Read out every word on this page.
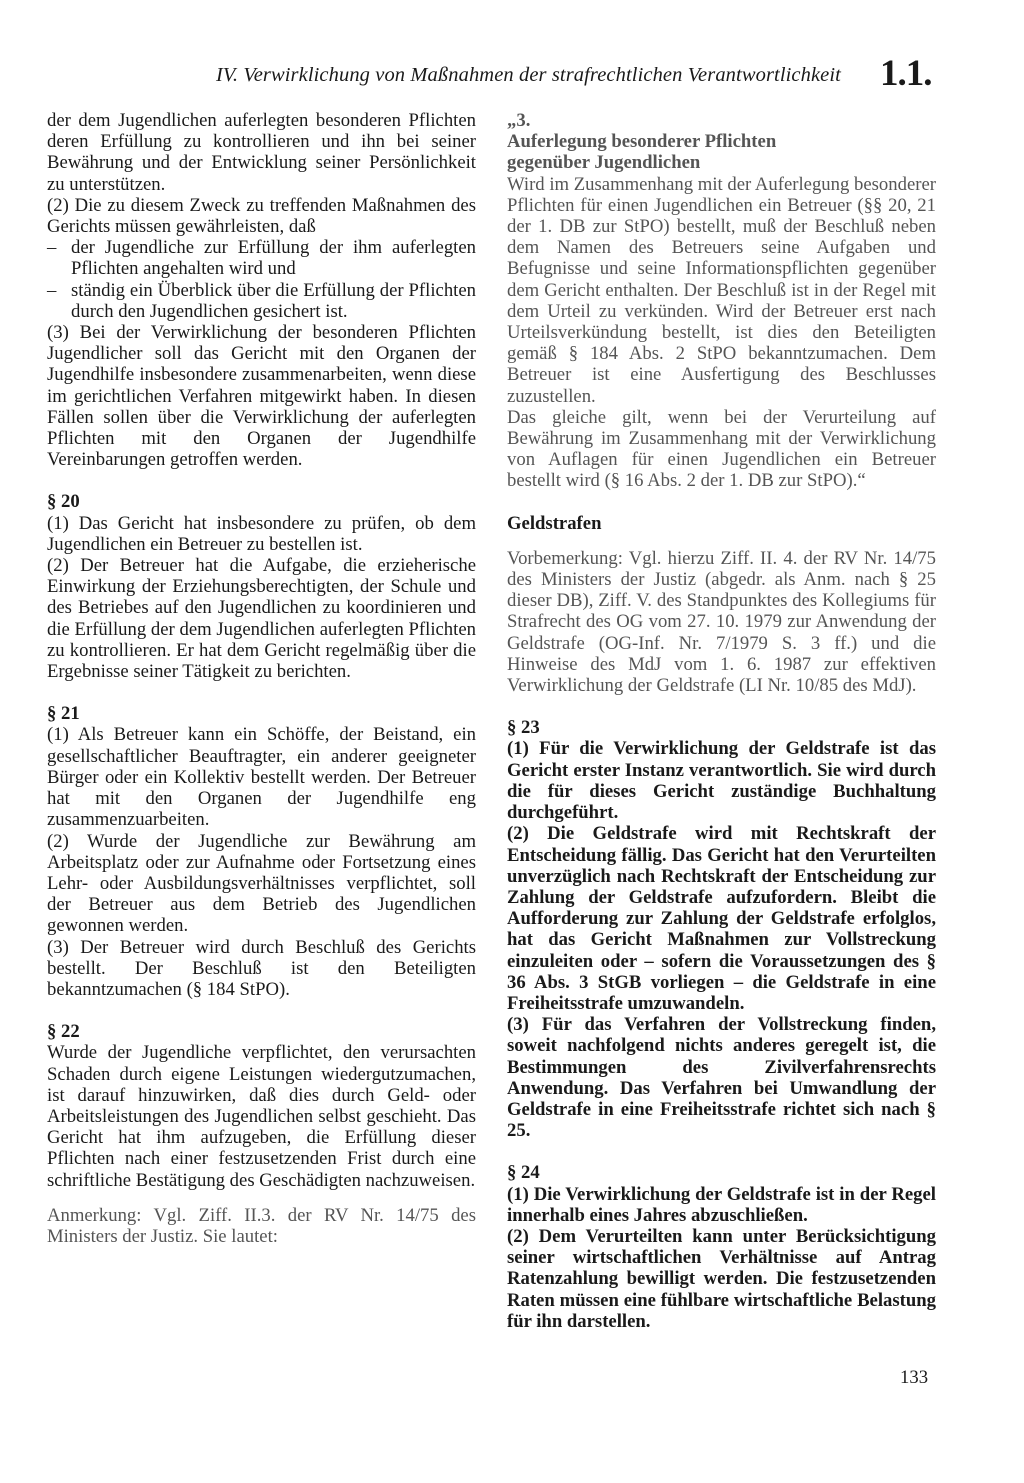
IV. Verwirklichung von Maßnahmen der strafrechtlichen Verantwortlichkeit	1.1.

der dem Jugendlichen auferlegten besonderen Pflichten deren Erfüllung zu kontrollieren und ihn bei seiner Bewährung und der Entwicklung seiner Persönlichkeit zu unterstützen.

(2) Die zu diesem Zweck zu treffenden Maßnahmen des Gerichts müssen gewährleisten, daß

– der Jugendliche zur Erfüllung der ihm auferlegten Pflichten angehalten wird und
– ständig ein Überblick über die Erfüllung der Pflichten durch den Jugendlichen gesichert ist.

(3) Bei der Verwirklichung der besonderen Pflichten Jugendlicher soll das Gericht mit den Organen der Jugendhilfe insbesondere zusammenarbeiten, wenn diese im gerichtlichen Verfahren mitgewirkt haben. In diesen Fällen sollen über die Verwirklichung der auferlegten Pflichten mit den Organen der Jugendhilfe Vereinbarungen getroffen werden.

§ 20

(1) Das Gericht hat insbesondere zu prüfen, ob dem Jugendlichen ein Betreuer zu bestellen ist.

(2) Der Betreuer hat die Aufgabe, die erzieherische Einwirkung der Erziehungsberechtigten, der Schule und des Betriebes auf den Jugendlichen zu koordinieren und die Erfüllung der dem Jugendlichen auferlegten Pflichten zu kontrollieren. Er hat dem Gericht regelmäßig über die Ergebnisse seiner Tätigkeit zu berichten.

§ 21

(1) Als Betreuer kann ein Schöffe, der Beistand, ein gesellschaftlicher Beauftragter, ein anderer geeigneter Bürger oder ein Kollektiv bestellt werden. Der Betreuer hat mit den Organen der Jugendhilfe eng zusammenzuarbeiten.

(2) Wurde der Jugendliche zur Bewährung am Arbeitsplatz oder zur Aufnahme oder Fortsetzung eines Lehr- oder Ausbildungsverhältnisses verpflichtet, soll der Betreuer aus dem Betrieb des Jugendlichen gewonnen werden.

(3) Der Betreuer wird durch Beschluß des Gerichts bestellt. Der Beschluß ist den Beteiligten bekanntzumachen (§ 184 StPO).

§ 22

Wurde der Jugendliche verpflichtet, den verursachten Schaden durch eigene Leistungen wiedergutzumachen, ist darauf hinzuwirken, daß dies durch Geld- oder Arbeitsleistungen des Jugendlichen selbst geschieht. Das Gericht hat ihm aufzugeben, die Erfüllung dieser Pflichten nach einer festzusetzenden Frist durch eine schriftliche Bestätigung des Geschädigten nachzuweisen.

Anmerkung: Vgl. Ziff. II.3. der RV Nr. 14/75 des Ministers der Justiz. Sie lautet:

„3.

Auferlegung besonderer Pflichten

gegenüber Jugendlichen

Wird im Zusammenhang mit der Auferlegung besonderer Pflichten für einen Jugendlichen ein Betreuer (§§ 20, 21 der 1. DB zur StPO) bestellt, muß der Beschluß neben dem Namen des Betreuers seine Aufgaben und Befugnisse und seine Informationspflichten gegenüber dem Gericht enthalten. Der Beschluß ist in der Regel mit dem Urteil zu verkünden. Wird der Betreuer erst nach Urteilsverkündung bestellt, ist dies den Beteiligten gemäß § 184 Abs. 2 StPO bekanntzumachen. Dem Betreuer ist eine Ausfertigung des Beschlusses zuzustellen.

Das gleiche gilt, wenn bei der Verurteilung auf Bewährung im Zusammenhang mit der Verwirklichung von Auflagen für einen Jugendlichen ein Betreuer bestellt wird (§ 16 Abs. 2 der 1. DB zur StPO).“

Geldstrafen

Vorbemerkung: Vgl. hierzu Ziff. II. 4. der RV Nr. 14/75 des Ministers der Justiz (abgedr. als Anm. nach § 25 dieser DB), Ziff. V. des Standpunktes des Kollegiums für Strafrecht des OG vom 27. 10. 1979 zur Anwendung der Geldstrafe (OG-Inf. Nr. 7/1979 S. 3 ff.) und die Hinweise des MdJ vom 1. 6. 1987 zur effektiven Verwirklichung der Geldstrafe (LI Nr. 10/85 des MdJ).

§ 23

(1) Für die Verwirklichung der Geldstrafe ist das Gericht erster Instanz verantwortlich. Sie wird durch die für dieses Gericht zuständige Buchhaltung durchgeführt.

(2) Die Geldstrafe wird mit Rechtskraft der Entscheidung fällig. Das Gericht hat den Verurteilten unverzüglich nach Rechtskraft der Entscheidung zur Zahlung der Geldstrafe aufzufordern. Bleibt die Aufforderung zur Zahlung der Geldstrafe erfolglos, hat das Gericht Maßnahmen zur Vollstreckung einzuleiten oder – sofern die Voraussetzungen des § 36 Abs. 3 StGB vorliegen – die Geldstrafe in eine Freiheitsstrafe umzuwandeln.

(3) Für das Verfahren der Vollstreckung finden, soweit nachfolgend nichts anderes geregelt ist, die Bestimmungen des Zivilverfahrensrechts Anwendung. Das Verfahren bei Umwandlung der Geldstrafe in eine Freiheitsstrafe richtet sich nach § 25.

§ 24

(1) Die Verwirklichung der Geldstrafe ist in der Regel innerhalb eines Jahres abzuschließen.

(2) Dem Verurteilten kann unter Berücksichtigung seiner wirtschaftlichen Verhältnisse auf Antrag Ratenzahlung bewilligt werden. Die festzusetzenden Raten müssen eine fühlbare wirtschaftliche Belastung für ihn darstellen.

133
